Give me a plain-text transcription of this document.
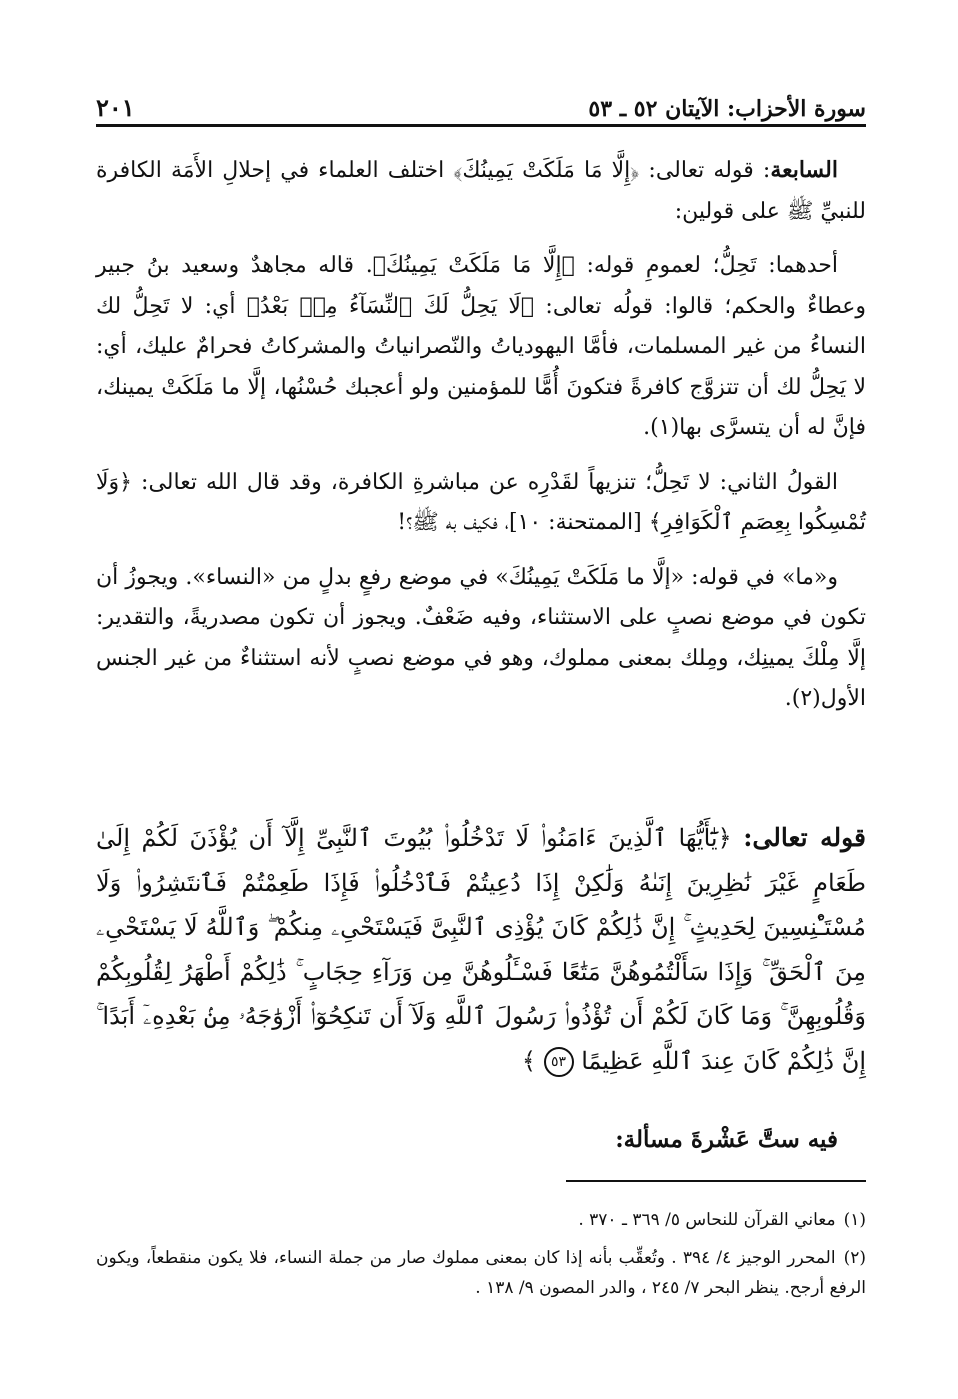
سورة الأحزاب: الآيتان ٥٢ ـ ٥٣
٢٠١

السابعة: قوله تعالى: ﴿إِلَّا مَا مَلَكَتْ يَمِينُكَ﴾ اختلف العلماء في إحلالِ الأَمَة الكافرة للنبيِّ ﷺ على قولين:

أحدهما: تَحِلُّ؛ لعمومِ قوله: ﴿إِلَّا مَا مَلَكَتْ يَمِينُكَ﴾. قاله مجاهدٌ وسعيد بنُ جبير وعطاءٌ والحكم؛ قالوا: قولُه تعالى: ﴿لَا يَحِلُّ لَكَ ٱلنِّسَآءُ مِنۢ بَعْدُ﴾ أي: لا تَحِلُّ لك النساءُ من غير المسلمات، فأمَّا اليهودياتُ والنّصرانياتُ والمشركاتُ فحرامٌ عليك، أي: لا يَحِلُّ لك أن تتزوَّج كافرةً فتكونَ أُمًّا للمؤمنين ولو أعجبك حُسْنُها، إلَّا ما مَلَكَتْ يمينك، فإنَّ له أن يتسرَّى بها(١).

القولُ الثاني: لا تَحِلُّ؛ تنزيهاً لقَدْرِه عن مباشرةِ الكافرة، وقد قال الله تعالى: ﴿وَلَا تُمْسِكُوا بِعِصَمِ ٱلْكَوَافِرِ﴾ [الممتحنة: ١٠]، فكيف به ﷺ؟!

و«ما» في قوله: «إلَّا ما مَلَكَتْ يَمِينُكَ» في موضع رفعٍ بدلٍ من «النساء». ويجوزُ أن تكون في موضع نصبٍ على الاستثناء، وفيه ضَعْفٌ. ويجوز أن تكون مصدريةً، والتقدير: إلَّا مِلْكَ يمينِك، ومِلك بمعنى مملوك، وهو في موضع نصبٍ لأنه استثناءٌ من غير الجنس الأول(٢).

قوله تعالى: ﴿يَٰٓأَيُّهَا ٱلَّذِينَ ءَامَنُوا۟ لَا تَدْخُلُوا۟ بُيُوتَ ٱلنَّبِىِّ إِلَّآ أَن يُؤْذَنَ لَكُمْ إِلَىٰ طَعَامٍ غَيْرَ نَٰظِرِينَ إِنَىٰهُ وَلَٰكِنْ إِذَا دُعِيتُمْ فَٱدْخُلُوا۟ فَإِذَا طَعِمْتُمْ فَٱنتَشِرُوا۟ وَلَا مُسْتَـْٔنِسِينَ لِحَدِيثٍ ۚ إِنَّ ذَٰلِكُمْ كَانَ يُؤْذِى ٱلنَّبِىَّ فَيَسْتَحْىِۦ مِنكُمْ ۖ وَٱللَّهُ لَا يَسْتَحْىِۦ مِنَ ٱلْحَقِّ ۚ وَإِذَا سَأَلْتُمُوهُنَّ مَتَٰعًا فَسْـَٔلُوهُنَّ مِن وَرَآءِ حِجَابٍ ۚ ذَٰلِكُمْ أَطْهَرُ لِقُلُوبِكُمْ وَقُلُوبِهِنَّ ۚ وَمَا كَانَ لَكُمْ أَن تُؤْذُوا۟ رَسُولَ ٱللَّهِ وَلَآ أَن تَنكِحُوٓا۟ أَزْوَٰجَهُۥ مِنۢ بَعْدِهِۦٓ أَبَدًا ۚ إِنَّ ذَٰلِكُمْ كَانَ عِندَ ٱللَّهِ عَظِيمًا ٥٣ ﴾
فيه ستَّ عَشْرةَ مسألة:
(١)معاني القرآن للنحاس ٥/ ٣٦٩ ـ ٣٧٠ .
(٢)المحرر الوجيز ٤/ ٣٩٤ . وتُعقِّب بأنه إذا كان بمعنى مملوك صار من جملة النساء، فلا يكون منقطعاً، ويكون الرفع أرجح. ينظر البحر ٧/ ٢٤٥ ، والدر المصون ٩/ ١٣٨ .
